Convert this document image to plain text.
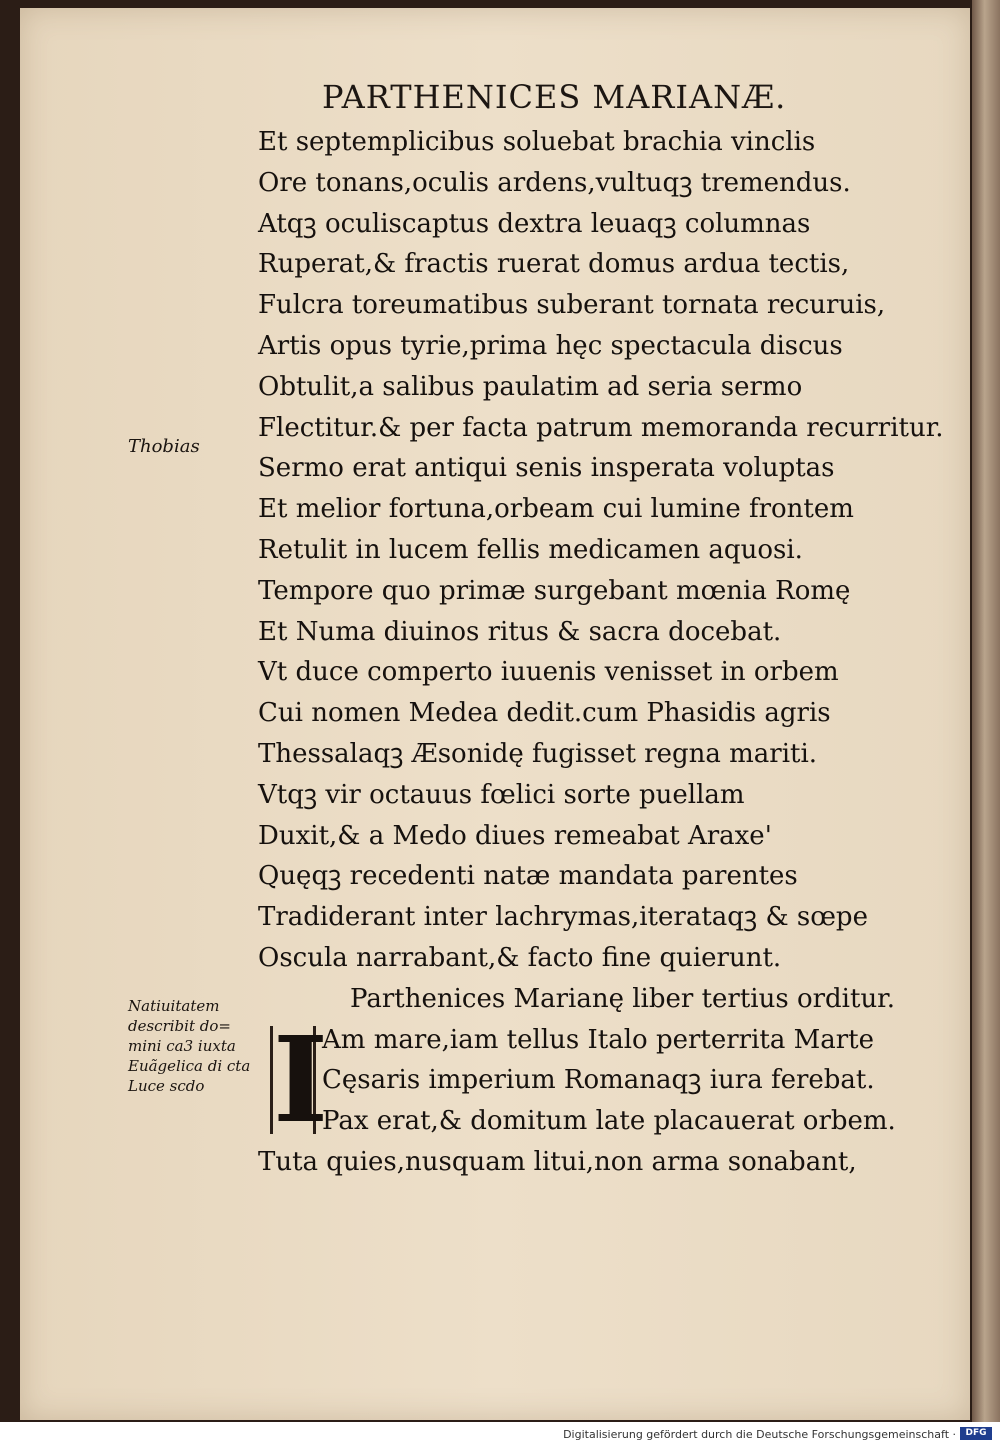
PARTHENICES MARIANÆ.
Thobias
Natiuitatem describit do= mini ca3 iuxta Euãgelica di cta Luce scdo
Et septemplicibus soluebat brachia vinclis
Ore tonans,oculis ardens,vultuqꝫ tremendus.
Atqꝫ oculiscaptus dextra leuaqꝫ columnas
Ruperat,& fractis ruerat domus ardua tectis,
Fulcra toreumatibus suberant tornata recuruis,
Artis opus tyrie,prima hęc spectacula discus
Obtulit,a salibus paulatim ad seria sermo
Flectitur.& per facta patrum memoranda recurritur.
Sermo erat antiqui senis insperata voluptas
Et melior fortuna,orbeam cui lumine frontem
Retulit in lucem fellis medicamen aquosi.
Tempore quo primæ surgebant mœnia Romę
Et Numa diuinos ritus & sacra docebat.
Vt duce comperto iuuenis venisset in orbem
Cui nomen Medea dedit.cum Phasidis agris
Thessalaqꝫ Æsonidę fugisset regna mariti.
Vtqꝫ vir octauus fœlici sorte puellam
Duxit,& a Medo diues remeabat Araxe'
Quęqꝫ recedenti natæ mandata parentes
Tradiderant inter lachrymas,iterataqꝫ & sœpe
Oscula narrabant,& facto fine quierunt.
Parthenices Marianę liber tertius orditur.
Am mare,iam tellus Italo perterrita Marte
Cęsaris imperium Romanaqꝫ iura ferebat.
Pax erat,& domitum late placauerat orbem.
Tuta quies,nusquam litui,non arma sonabant,
I
Digitalisierung gefördert durch die Deutsche Forschungsgemeinschaft ·	DFG
